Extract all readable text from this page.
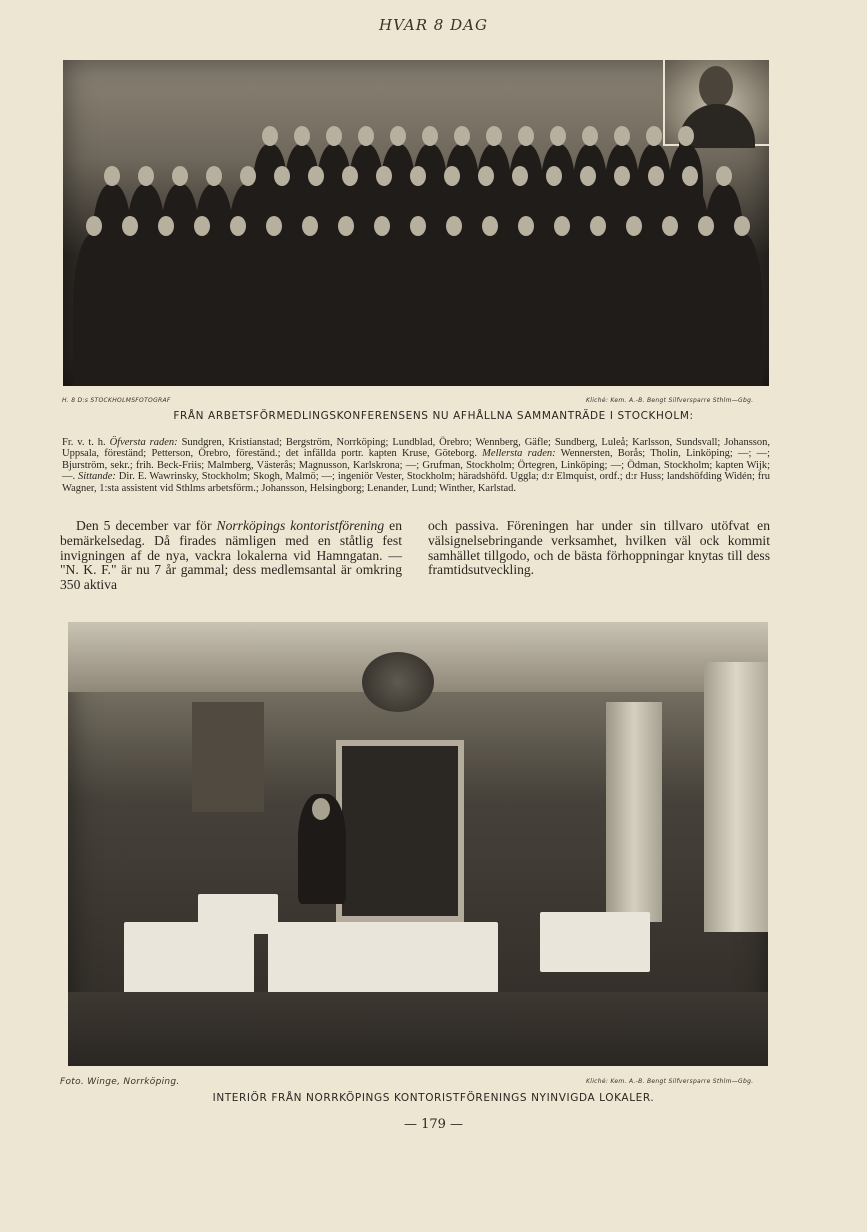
HVAR 8 DAG
H. 8 D:s STOCKHOLMSFOTOGRAF	Kliché: Kem. A.-B. Bengt Silfversparre Sthlm—Gbg.
FRÅN ARBETSFÖRMEDLINGSKONFERENSENS NU AFHÅLLNA SAMMANTRÄDE I STOCKHOLM:
Fr. v. t. h. Öfversta raden: Sundgren, Kristianstad; Bergström, Norrköping; Lundblad, Örebro; Wennberg, Gäfle; Sundberg, Luleå; Karlsson, Sundsvall; Johansson, Uppsala, föreständ; Petterson, Örebro, föreständ.; det infällda portr. kapten Kruse, Göteborg. Mellersta raden: Wennersten, Borås; Tholin, Linköping; —; —; Bjurström, sekr.; frih. Beck-Friis; Malmberg, Västerås; Magnusson, Karlskrona; —; Grufman, Stockholm; Örtegren, Linköping; —; Ödman, Stockholm; kapten Wijk; —. Sittande: Dir. E. Wawrinsky, Stockholm; Skogh, Malmö; —; ingeniör Vester, Stockholm; häradshöfd. Uggla; d:r Elmquist, ordf.; d:r Huss; landshöfding Widén; fru Wagner, 1:sta assistent vid Sthlms arbetsförm.; Johansson, Helsingborg; Lenander, Lund; Winther, Karlstad.
Den 5 december var för Norrköpings kontoristförening en bemärkelsedag. Då firades nämligen med en ståtlig fest invigningen af de nya, vackra lokalerna vid Hamngatan. — "N. K. F." är nu 7 år gammal; dess medlemsantal är omkring 350 aktiva
och passiva. Föreningen har under sin tillvaro utöfvat en välsignelsebringande verksamhet, hvilken väl ock kommit samhället tillgodo, och de bästa förhoppningar knytas till dess framtidsutveckling.
Foto. Winge, Norrköping.	Kliché: Kem. A.-B. Bengt Silfversparre Sthlm—Gbg.
INTERIÖR FRÅN NORRKÖPINGS KONTORISTFÖRENINGS NYINVIGDA LOKALER.
— 179 —
